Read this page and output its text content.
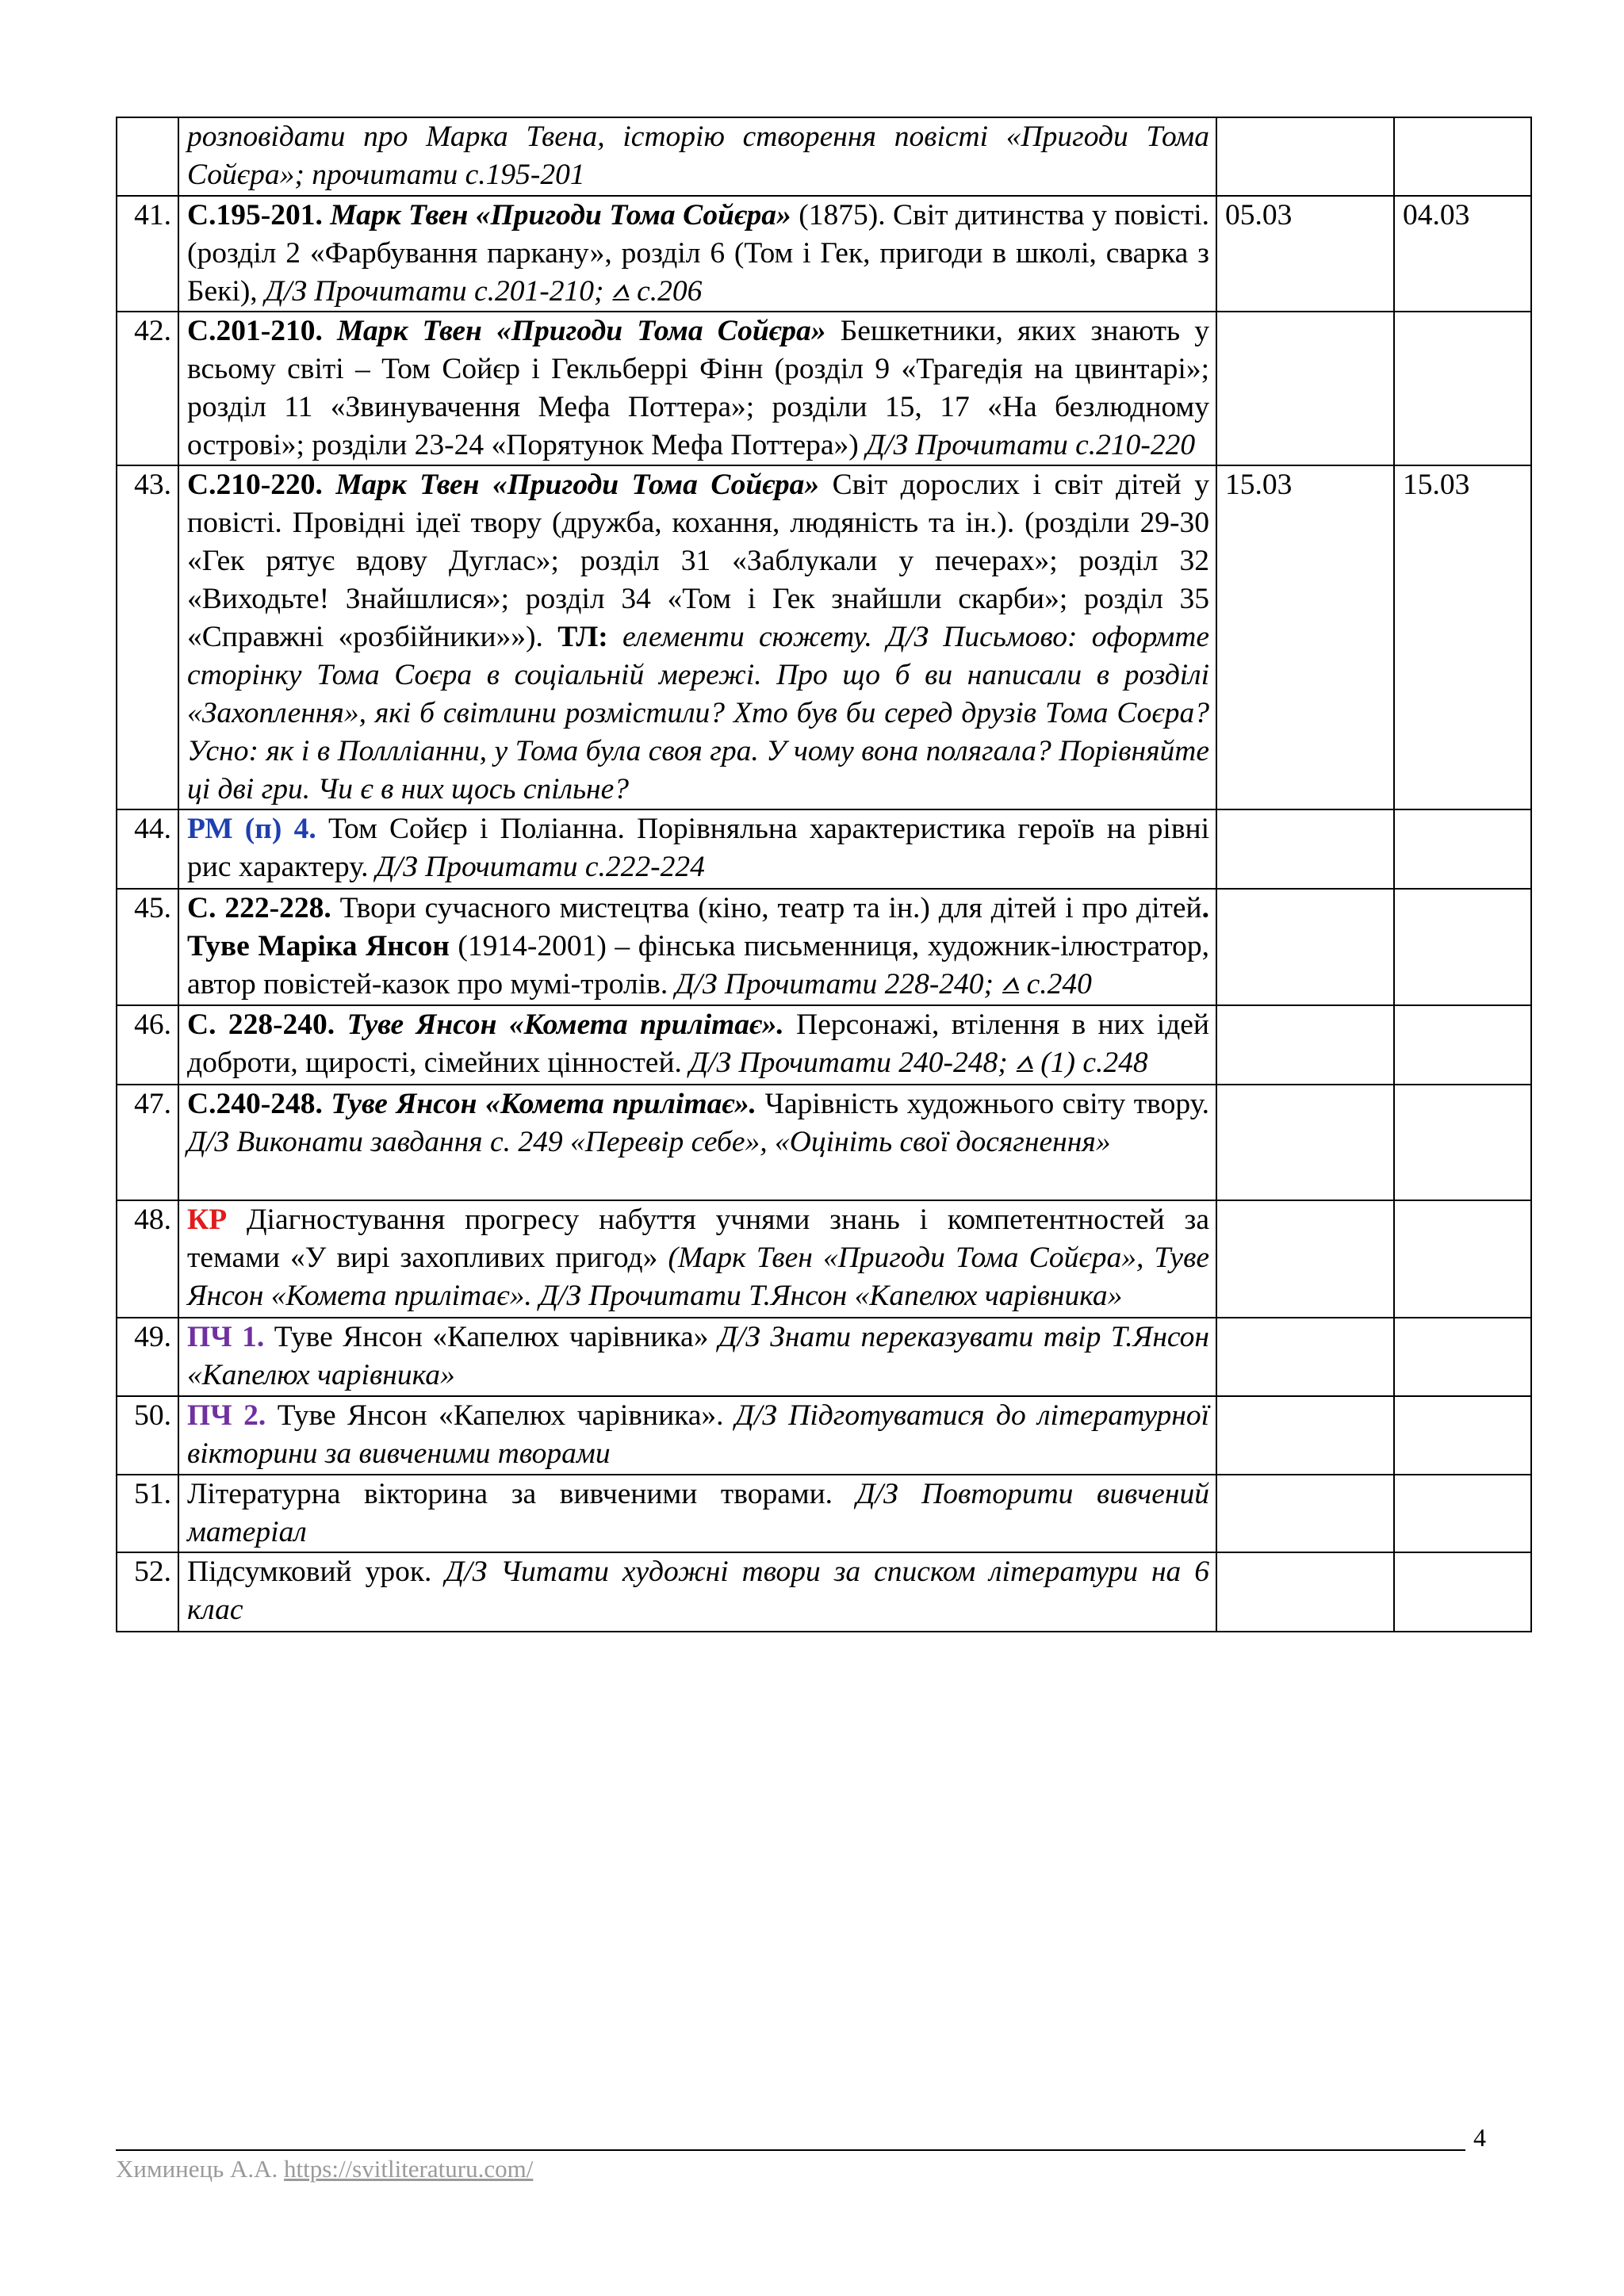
	розповідати про Марка Твена, історію створення повісті «Пригоди Тома Сойєра»; прочитати с.195-201		
41.	С.195-201. Марк Твен «Пригоди Тома Сойєра» (1875). Світ дитинства у повісті. (розділ 2 «Фарбування паркану», розділ 6 (Том і Гек, пригоди в школі, сварка з Бекі), Д/З Прочитати с.201-210; ⩟ с.206	05.03	04.03
42.	С.201-210. Марк Твен «Пригоди Тома Сойєра» Бешкетники, яких знають у всьому світі – Том Сойєр і Гекльберрі Фінн (розділ 9 «Трагедія на цвинтарі»; розділ 11 «Звинувачення Мефа Поттера»; розділи 15, 17 «На безлюдному острові»; розділи 23-24 «Порятунок Мефа Поттера») Д/З Прочитати с.210-220		
43.	С.210-220. Марк Твен «Пригоди Тома Сойєра» Світ дорослих і світ дітей у повісті. Провідні ідеї твору (дружба, кохання, людяність та ін.). (розділи 29-30 «Гек рятує вдову Дуглас»; розділ 31 «Заблукали у печерах»; розділ 32 «Виходьте! Знайшлися»; розділ 34 «Том і Гек знайшли скарби»; розділ 35 «Справжні «розбійники»»). ТЛ: елементи сюжету. Д/З Письмово: оформте сторінку Тома Соєра в соціальній мережі. Про що б ви написали в розділі «Захоплення», які б світлини розмістили? Хто був би серед друзів Тома Соєра? Усно: як і в Поллліанни, у Тома була своя гра. У чому вона полягала? Порівняйте ці дві гри. Чи є в них щось спільне?	15.03	15.03
44.	РМ (п) 4. Том Сойєр і Поліанна. Порівняльна характеристика героїв на рівні рис характеру. Д/З Прочитати с.222-224		
45.	С. 222-228. Твори сучасного мистецтва (кіно, театр та ін.) для дітей і про дітей. Туве Маріка Янсон (1914-2001) – фінська письменниця, художник-ілюстратор, автор повістей-казок про мумі-тролів. Д/З Прочитати 228-240; ⩟ с.240		
46.	С. 228-240. Туве Янсон «Комета прилітає». Персонажі, втілення в них ідей доброти, щирості, сімейних цінностей. Д/З Прочитати 240-248; ⩟ (1) с.248		
47.	С.240-248. Туве Янсон «Комета прилітає». Чарівність художнього світу твору. Д/З Виконати завдання с. 249 «Перевір себе», «Оцініть свої досягнення»		
48.	КР Діагностування прогресу набуття учнями знань і компетентностей за темами «У вирі захопливих пригод» (Марк Твен «Пригоди Тома Сойєра», Туве Янсон «Комета прилітає». Д/З Прочитати Т.Янсон «Капелюх чарівника»		
49.	ПЧ 1. Туве Янсон «Капелюх чарівника» Д/З Знати переказувати твір Т.Янсон «Капелюх чарівника»		
50.	ПЧ 2. Туве Янсон «Капелюх чарівника». Д/З Підготуватися до літературної вікторини за вивченими творами		
51.	Літературна вікторина за вивченими творами. Д/З Повторити вивчений матеріал		
52.	Підсумковий урок. Д/З Читати художні твори за списком літератури на 6 клас		
4
Химинець А.А. https://svitliteraturu.com/
